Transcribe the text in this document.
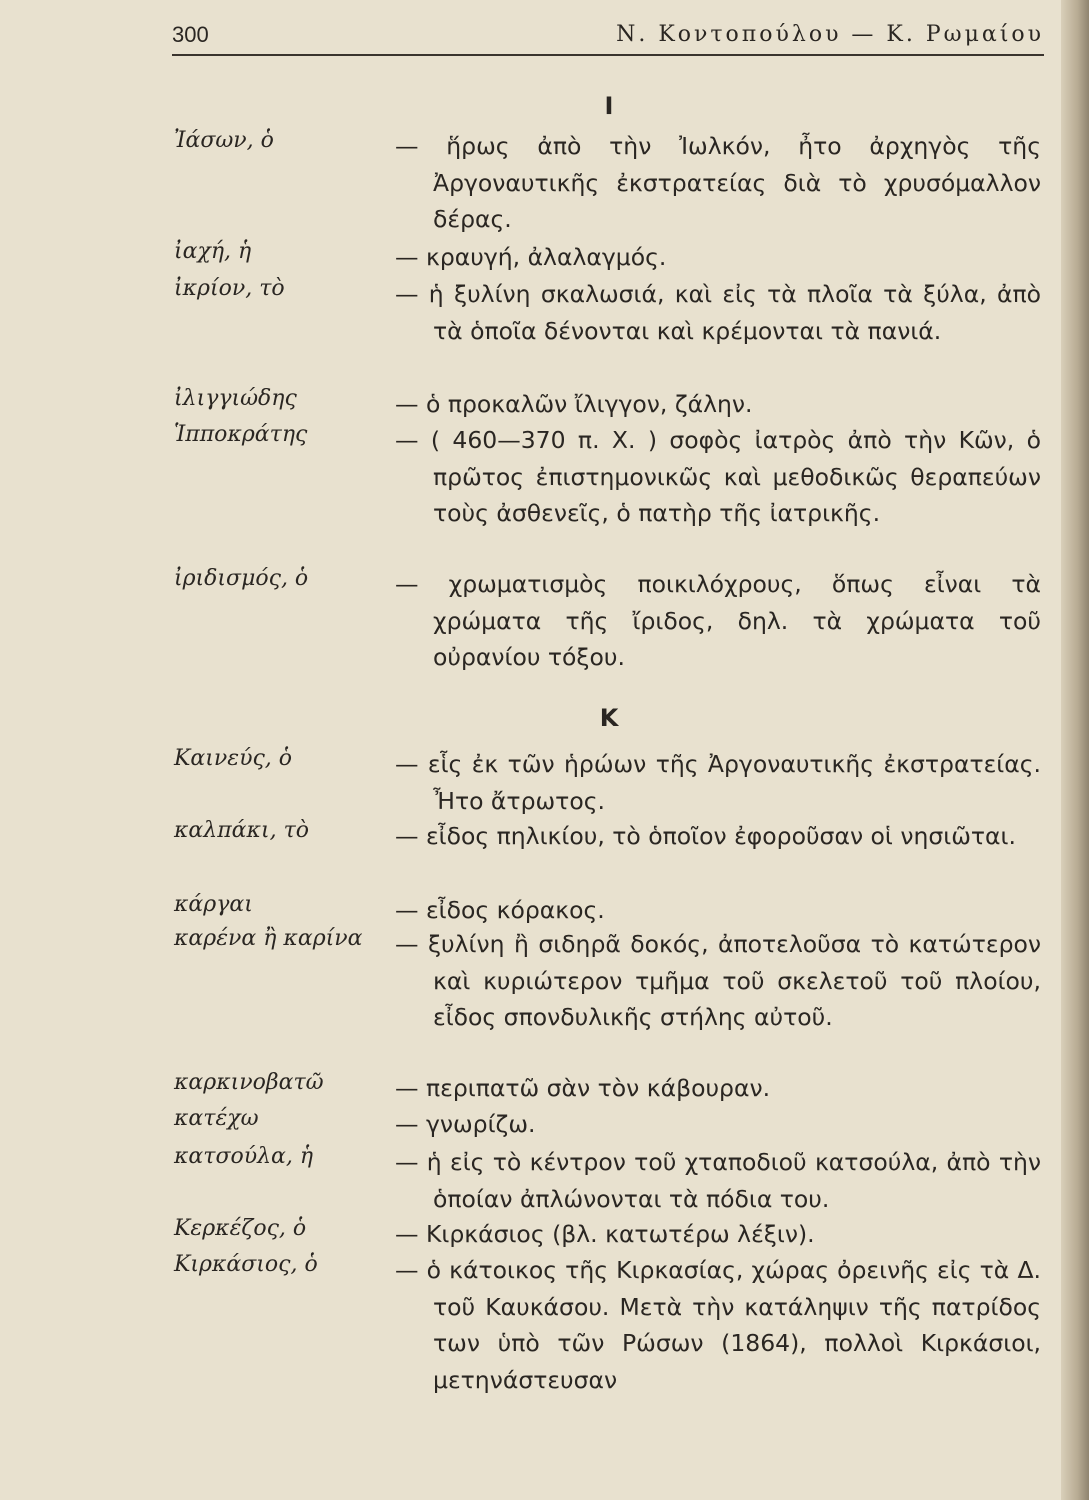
300	Ν. Κοντοπούλου — Κ. Ρωμαίου
Ι
Ἰάσων, ὁ	— ἥρως ἀπὸ τὴν Ἰωλκόν, ἦτο ἀρχηγὸς τῆς Ἀργοναυτικῆς ἐκστρατείας διὰ τὸ χρυσόμαλλον δέρας.
ἰαχή, ἡ	— κραυγή, ἀλαλαγμός.
ἰκρίον, τὸ	— ἡ ξυλίνη σκαλωσιά, καὶ εἰς τὰ πλοῖα τὰ ξύλα, ἀπὸ τὰ ὁποῖα δένονται καὶ κρέμονται τὰ πανιά.
ἰλιγγιώδης	— ὁ προκαλῶν ἴλιγγον, ζάλην.
Ἱπποκράτης	— ( 460—370 π. Χ. ) σοφὸς ἰατρὸς ἀπὸ τὴν Κῶν, ὁ πρῶτος ἐπιστημονικῶς καὶ μεθοδικῶς θεραπεύων τοὺς ἀσθενεῖς, ὁ πατὴρ τῆς ἰατρικῆς.
ἰριδισμός, ὁ	— χρωματισμὸς ποικιλόχρους, ὅπως εἶναι τὰ χρώματα τῆς ἴριδος, δηλ. τὰ χρώματα τοῦ οὐρανίου τόξου.
Κ
Καινεύς, ὁ	— εἷς ἐκ τῶν ἡρώων τῆς Ἀργοναυτικῆς ἐκστρατείας. Ἦτο ἄτρωτος.
καλπάκι, τὸ	— εἶδος πηλικίου, τὸ ὁποῖον ἐφοροῦσαν οἱ νησιῶται.
κάργαι	— εἶδος κόρακος.
καρένα ἢ καρίνα — ξυλίνη ἢ σιδηρᾶ δοκός, ἀποτελοῦσα τὸ κατώτερον καὶ κυριώτερον τμῆμα τοῦ σκελετοῦ τοῦ πλοίου, εἶδος σπονδυλικῆς στήλης αὐτοῦ.
καρκινοβατῶ	— περιπατῶ σὰν τὸν κάβουραν.
κατέχω	— γνωρίζω.
κατσούλα, ἡ	— ἡ εἰς τὸ κέντρον τοῦ χταποδιοῦ κατσούλα, ἀπὸ τὴν ὁποίαν ἀπλώνονται τὰ πόδια του.
Κερκέζος, ὁ	— Κιρκάσιος (βλ. κατωτέρω λέξιν).
Κιρκάσιος, ὁ	— ὁ κάτοικος τῆς Κιρκασίας, χώρας ὀρεινῆς εἰς τὰ Δ. τοῦ Καυκάσου. Μετὰ τὴν κατάληψιν τῆς πατρίδος των ὑπὸ τῶν Ρώσων (1864), πολλοὶ Κιρκάσιοι, μετηνάστευσαν
